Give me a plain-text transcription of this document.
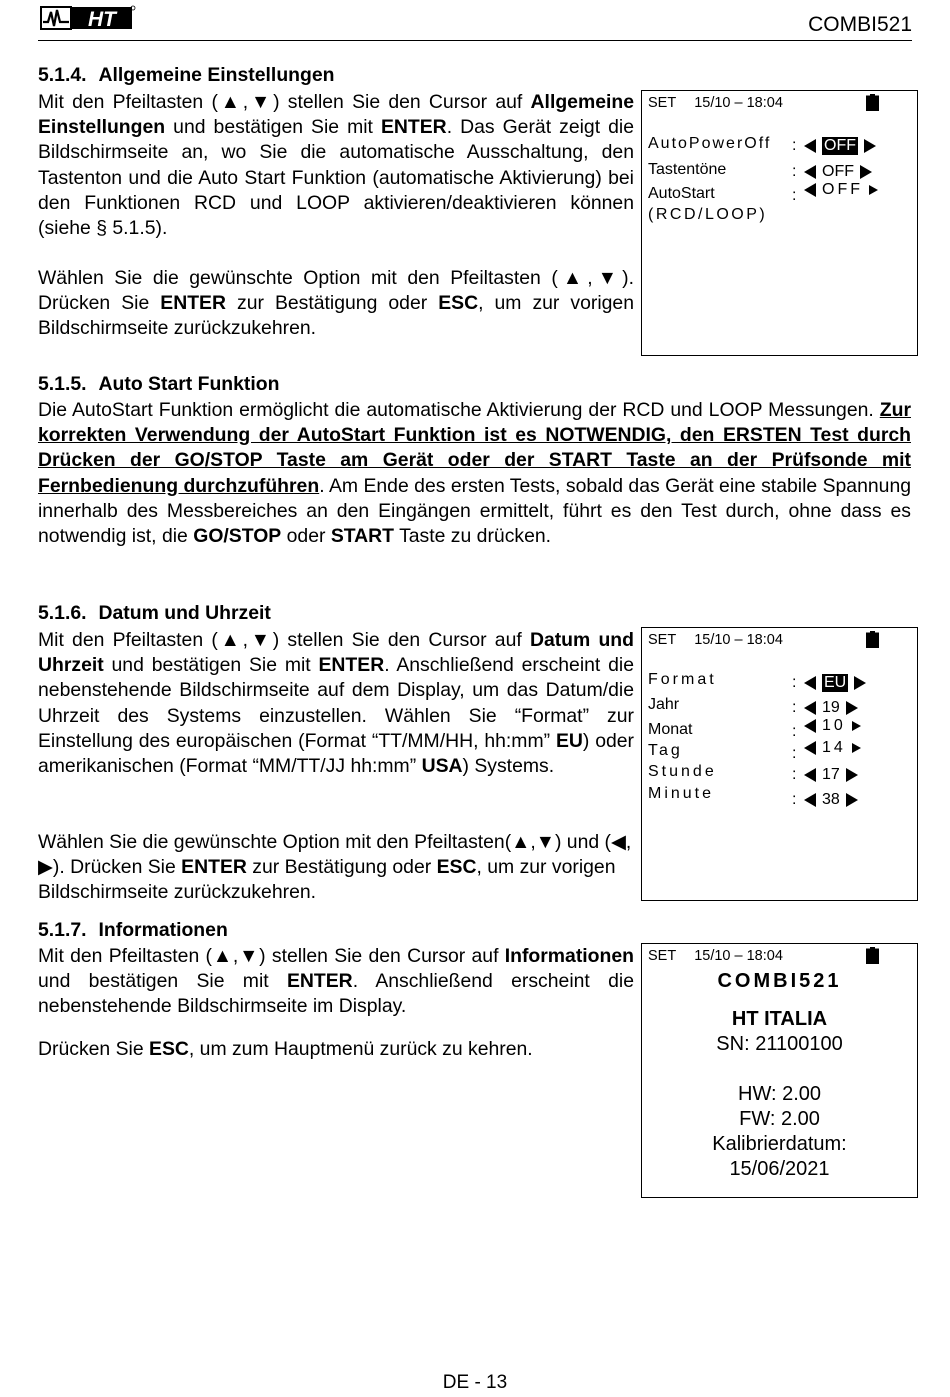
HT	COMBI521
5.1.4. Allgemeine Einstellungen
Mit den Pfeiltasten (▲,▼) stellen Sie den Cursor auf Allgemeine Einstellungen und bestätigen Sie mit ENTER. Das Gerät zeigt die Bildschirmseite an, wo Sie die automatische Ausschaltung, den Tastenton und die Auto Start Funktion (automatische Aktivierung) bei den Funktionen RCD und LOOP aktivieren/deaktivieren können (siehe § 5.1.5).
Wählen Sie die gewünschte Option mit den Pfeiltasten (▲,▼). Drücken Sie ENTER zur Bestätigung oder ESC, um zur vorigen Bildschirmseite zurückzukehren.
SET 15/10 – 18:04
AutoPowerOff : OFF
Tastentöne	: OFF
AutoStart	: OFF
(RCD/LOOP)
5.1.5. Auto Start Funktion
Die AutoStart Funktion ermöglicht die automatische Aktivierung der RCD und LOOP Messungen. Zur korrekten Verwendung der AutoStart Funktion ist es NOTWENDIG, den ERSTEN Test durch Drücken der GO/STOP Taste am Gerät oder der START Taste an der Prüfsonde mit Fernbedienung durchzuführen. Am Ende des ersten Tests, sobald das Gerät eine stabile Spannung innerhalb des Messbereiches an den Eingängen ermittelt, führt es den Test durch, ohne dass es notwendig ist, die GO/STOP oder START Taste zu drücken.
5.1.6. Datum und Uhrzeit
Mit den Pfeiltasten (▲,▼) stellen Sie den Cursor auf Datum und Uhrzeit und bestätigen Sie mit ENTER. Anschließend erscheint die nebenstehende Bildschirmseite auf dem Display, um das Datum/die Uhrzeit des Systems einzustellen. Wählen Sie “Format” zur Einstellung des europäischen (Format “TT/MM/HH, hh:mm” EU) oder amerikanischen (Format “MM/TT/JJ hh:mm” USA) Systems.
Wählen Sie die gewünschte Option mit den Pfeiltasten(▲,▼) und (◀, ▶). Drücken Sie ENTER zur Bestätigung oder ESC, um zur vorigen Bildschirmseite zurückzukehren.
SET 15/10 – 18:04
Format	: EU
Jahr	: 19
Monat	: 10
Tag	: 14
Stunde	: 17
Minute	: 38
5.1.7. Informationen
Mit den Pfeiltasten (▲,▼) stellen Sie den Cursor auf Informationen und bestätigen Sie mit ENTER. Anschließend erscheint die nebenstehende Bildschirmseite im Display.
Drücken Sie ESC, um zum Hauptmenü zurück zu kehren.
SET 15/10 – 18:04
COMBI521
HT ITALIA
SN: 21100100
HW: 2.00
FW: 2.00
Kalibrierdatum:
15/06/2021
DE - 13
